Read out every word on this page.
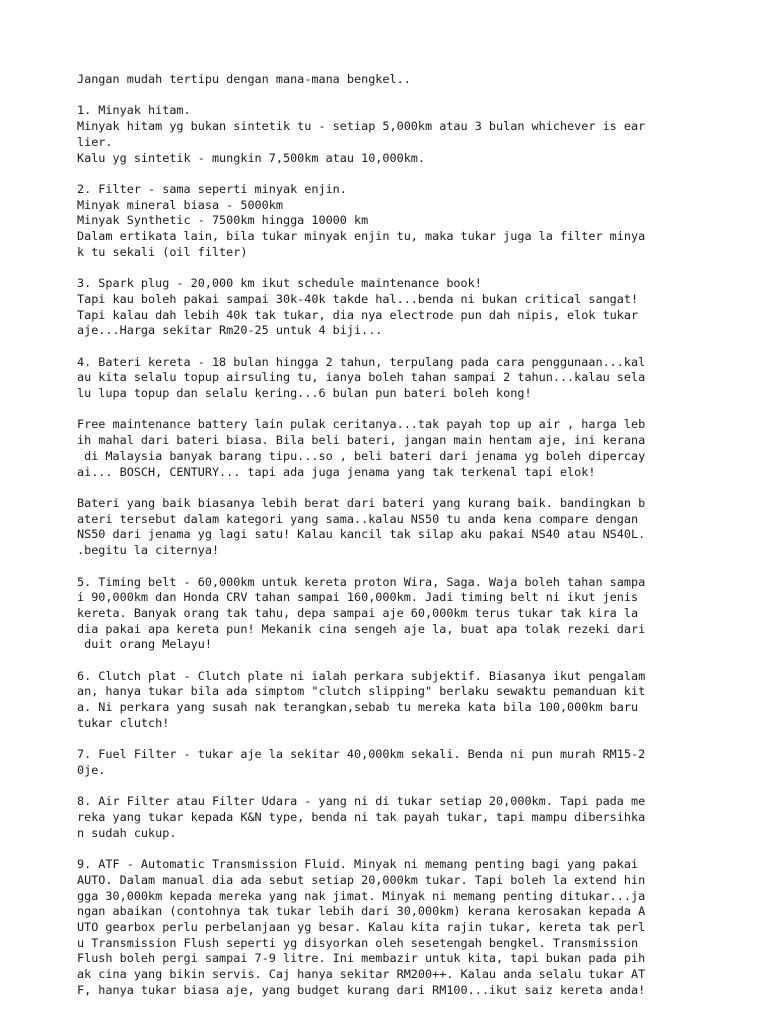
Jangan mudah tertipu dengan mana-mana bengkel..

1. Minyak hitam.
Minyak hitam yg bukan sintetik tu - setiap 5,000km atau 3 bulan whichever is ear
lier.
Kalu yg sintetik - mungkin 7,500km atau 10,000km.

2. Filter - sama seperti minyak enjin.
Minyak mineral biasa - 5000km
Minyak Synthetic - 7500km hingga 10000 km
Dalam ertikata lain, bila tukar minyak enjin tu, maka tukar juga la filter minya
k tu sekali (oil filter)

3. Spark plug - 20,000 km ikut schedule maintenance book!
Tapi kau boleh pakai sampai 30k-40k takde hal...benda ni bukan critical sangat!
Tapi kalau dah lebih 40k tak tukar, dia nya electrode pun dah nipis, elok tukar
aje...Harga sekitar Rm20-25 untuk 4 biji...

4. Bateri kereta - 18 bulan hingga 2 tahun, terpulang pada cara penggunaan...kal
au kita selalu topup airsuling tu, ianya boleh tahan sampai 2 tahun...kalau sela
lu lupa topup dan selalu kering...6 bulan pun bateri boleh kong!

Free maintenance battery lain pulak ceritanya...tak payah top up air , harga leb
ih mahal dari bateri biasa. Bila beli bateri, jangan main hentam aje, ini kerana
di Malaysia banyak barang tipu...so , beli bateri dari jenama yg boleh dipercay
ai... BOSCH, CENTURY... tapi ada juga jenama yang tak terkenal tapi elok!

Bateri yang baik biasanya lebih berat dari bateri yang kurang baik. bandingkan b
ateri tersebut dalam kategori yang sama..kalau NS50 tu anda kena compare dengan
NS50 dari jenama yg lagi satu! Kalau kancil tak silap aku pakai NS40 atau NS40L.
.begitu la citernya!

5. Timing belt - 60,000km untuk kereta proton Wira, Saga. Waja boleh tahan sampa
i 90,000km dan Honda CRV tahan sampai 160,000km. Jadi timing belt ni ikut jenis
kereta. Banyak orang tak tahu, depa sampai aje 60,000km terus tukar tak kira la
dia pakai apa kereta pun! Mekanik cina sengeh aje la, buat apa tolak rezeki dari
duit orang Melayu!

6. Clutch plat - Clutch plate ni ialah perkara subjektif. Biasanya ikut pengalam
an, hanya tukar bila ada simptom "clutch slipping" berlaku sewaktu pemanduan kit
a. Ni perkara yang susah nak terangkan,sebab tu mereka kata bila 100,000km baru
tukar clutch!

7. Fuel Filter - tukar aje la sekitar 40,000km sekali. Benda ni pun murah RM15-2
0je.

8. Air Filter atau Filter Udara - yang ni di tukar setiap 20,000km. Tapi pada me
reka yang tukar kepada K&N type, benda ni tak payah tukar, tapi mampu dibersihka
n sudah cukup.

9. ATF - Automatic Transmission Fluid. Minyak ni memang penting bagi yang pakai
AUTO. Dalam manual dia ada sebut setiap 20,000km tukar. Tapi boleh la extend hin
gga 30,000km kepada mereka yang nak jimat. Minyak ni memang penting ditukar...ja
ngan abaikan (contohnya tak tukar lebih dari 30,000km) kerana kerosakan kepada A
UTO gearbox perlu perbelanjaan yg besar. Kalau kita rajin tukar, kereta tak perl
u Transmission Flush seperti yg disyorkan oleh sesetengah bengkel. Transmission
Flush boleh pergi sampai 7-9 litre. Ini membazir untuk kita, tapi bukan pada pih
ak cina yang bikin servis. Caj hanya sekitar RM200++. Kalau anda selalu tukar AT
F, hanya tukar biasa aje, yang budget kurang dari RM100...ikut saiz kereta anda!
